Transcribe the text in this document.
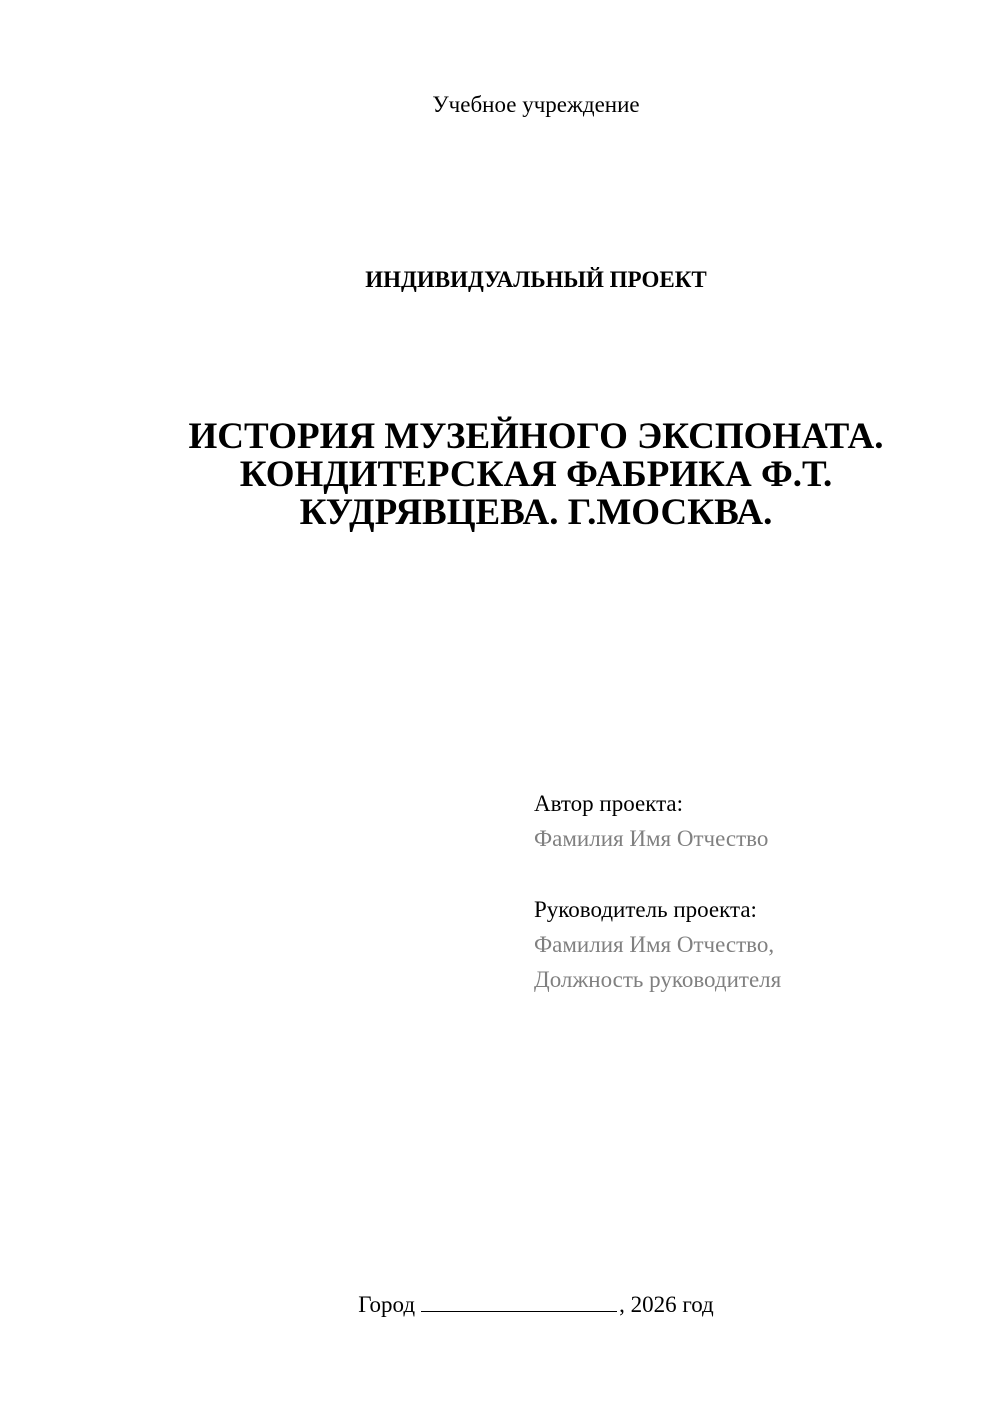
Учебное учреждение
ИНДИВИДУАЛЬНЫЙ ПРОЕКТ
ИСТОРИЯ МУЗЕЙНОГО ЭКСПОНАТА.
КОНДИТЕРСКАЯ ФАБРИКА Ф.Т.
КУДРЯВЦЕВА. Г.МОСКВА.
Автор проекта:
Фамилия Имя Отчество
Руководитель проекта:
Фамилия Имя Отчество,
Должность руководителя
Город	, 2026 год
